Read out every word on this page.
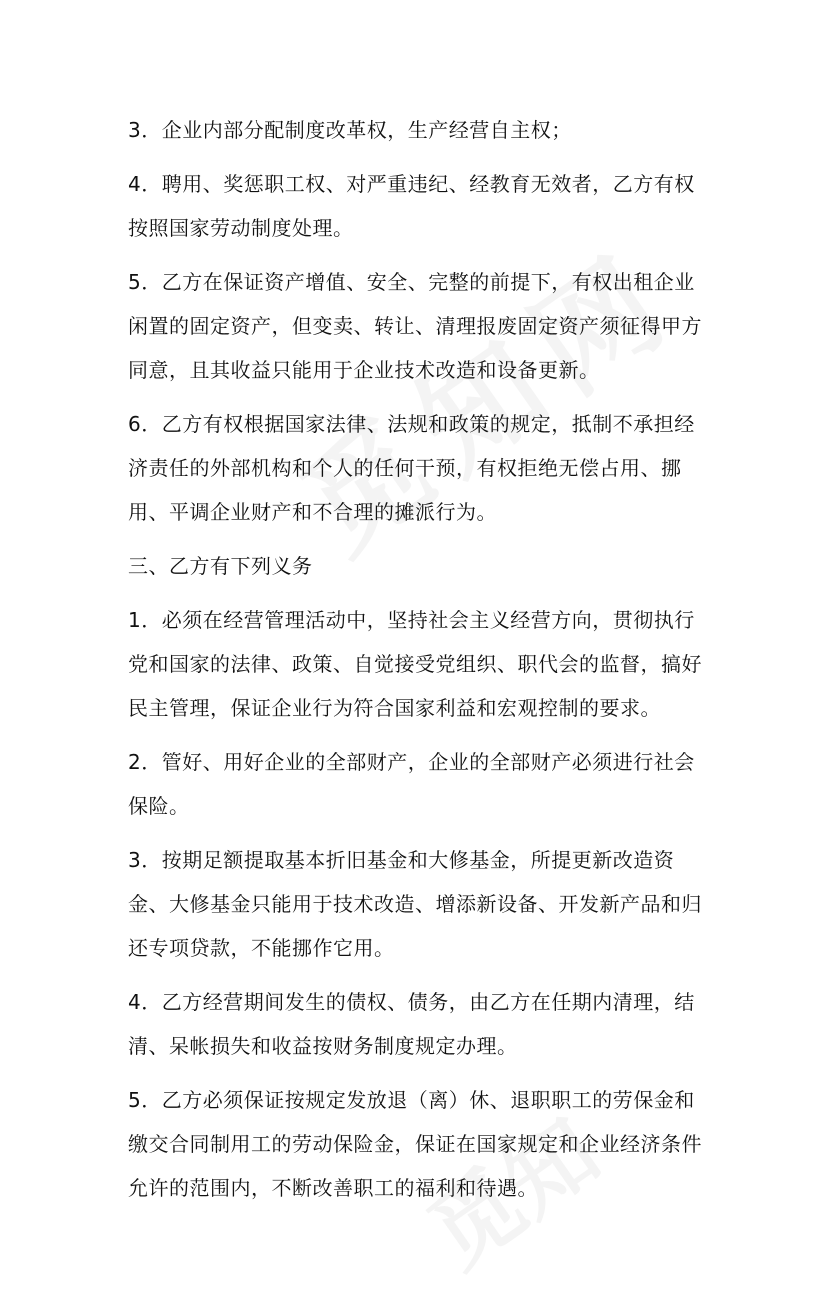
3．企业内部分配制度改革权，生产经营自主权；

4．聘用、奖惩职工权、对严重违纪、经教育无效者，乙方有权按照国家劳动制度处理。

5．乙方在保证资产增值、安全、完整的前提下，有权出租企业闲置的固定资产，但变卖、转让、清理报废固定资产须征得甲方同意，且其收益只能用于企业技术改造和设备更新。

6．乙方有权根据国家法律、法规和政策的规定，抵制不承担经济责任的外部机构和个人的任何干预，有权拒绝无偿占用、挪用、平调企业财产和不合理的摊派行为。

三、乙方有下列义务

1．必须在经营管理活动中，坚持社会主义经营方向，贯彻执行党和国家的法律、政策、自觉接受党组织、职代会的监督，搞好民主管理，保证企业行为符合国家利益和宏观控制的要求。

2．管好、用好企业的全部财产，企业的全部财产必须进行社会保险。

3．按期足额提取基本折旧基金和大修基金，所提更新改造资金、大修基金只能用于技术改造、增添新设备、开发新产品和归还专项贷款，不能挪作它用。

4．乙方经营期间发生的债权、债务，由乙方在任期内清理，结清、呆帐损失和收益按财务制度规定办理。

5．乙方必须保证按规定发放退（离）休、退职职工的劳保金和缴交合同制用工的劳动保险金，保证在国家规定和企业经济条件允许的范围内，不断改善职工的福利和待遇。
